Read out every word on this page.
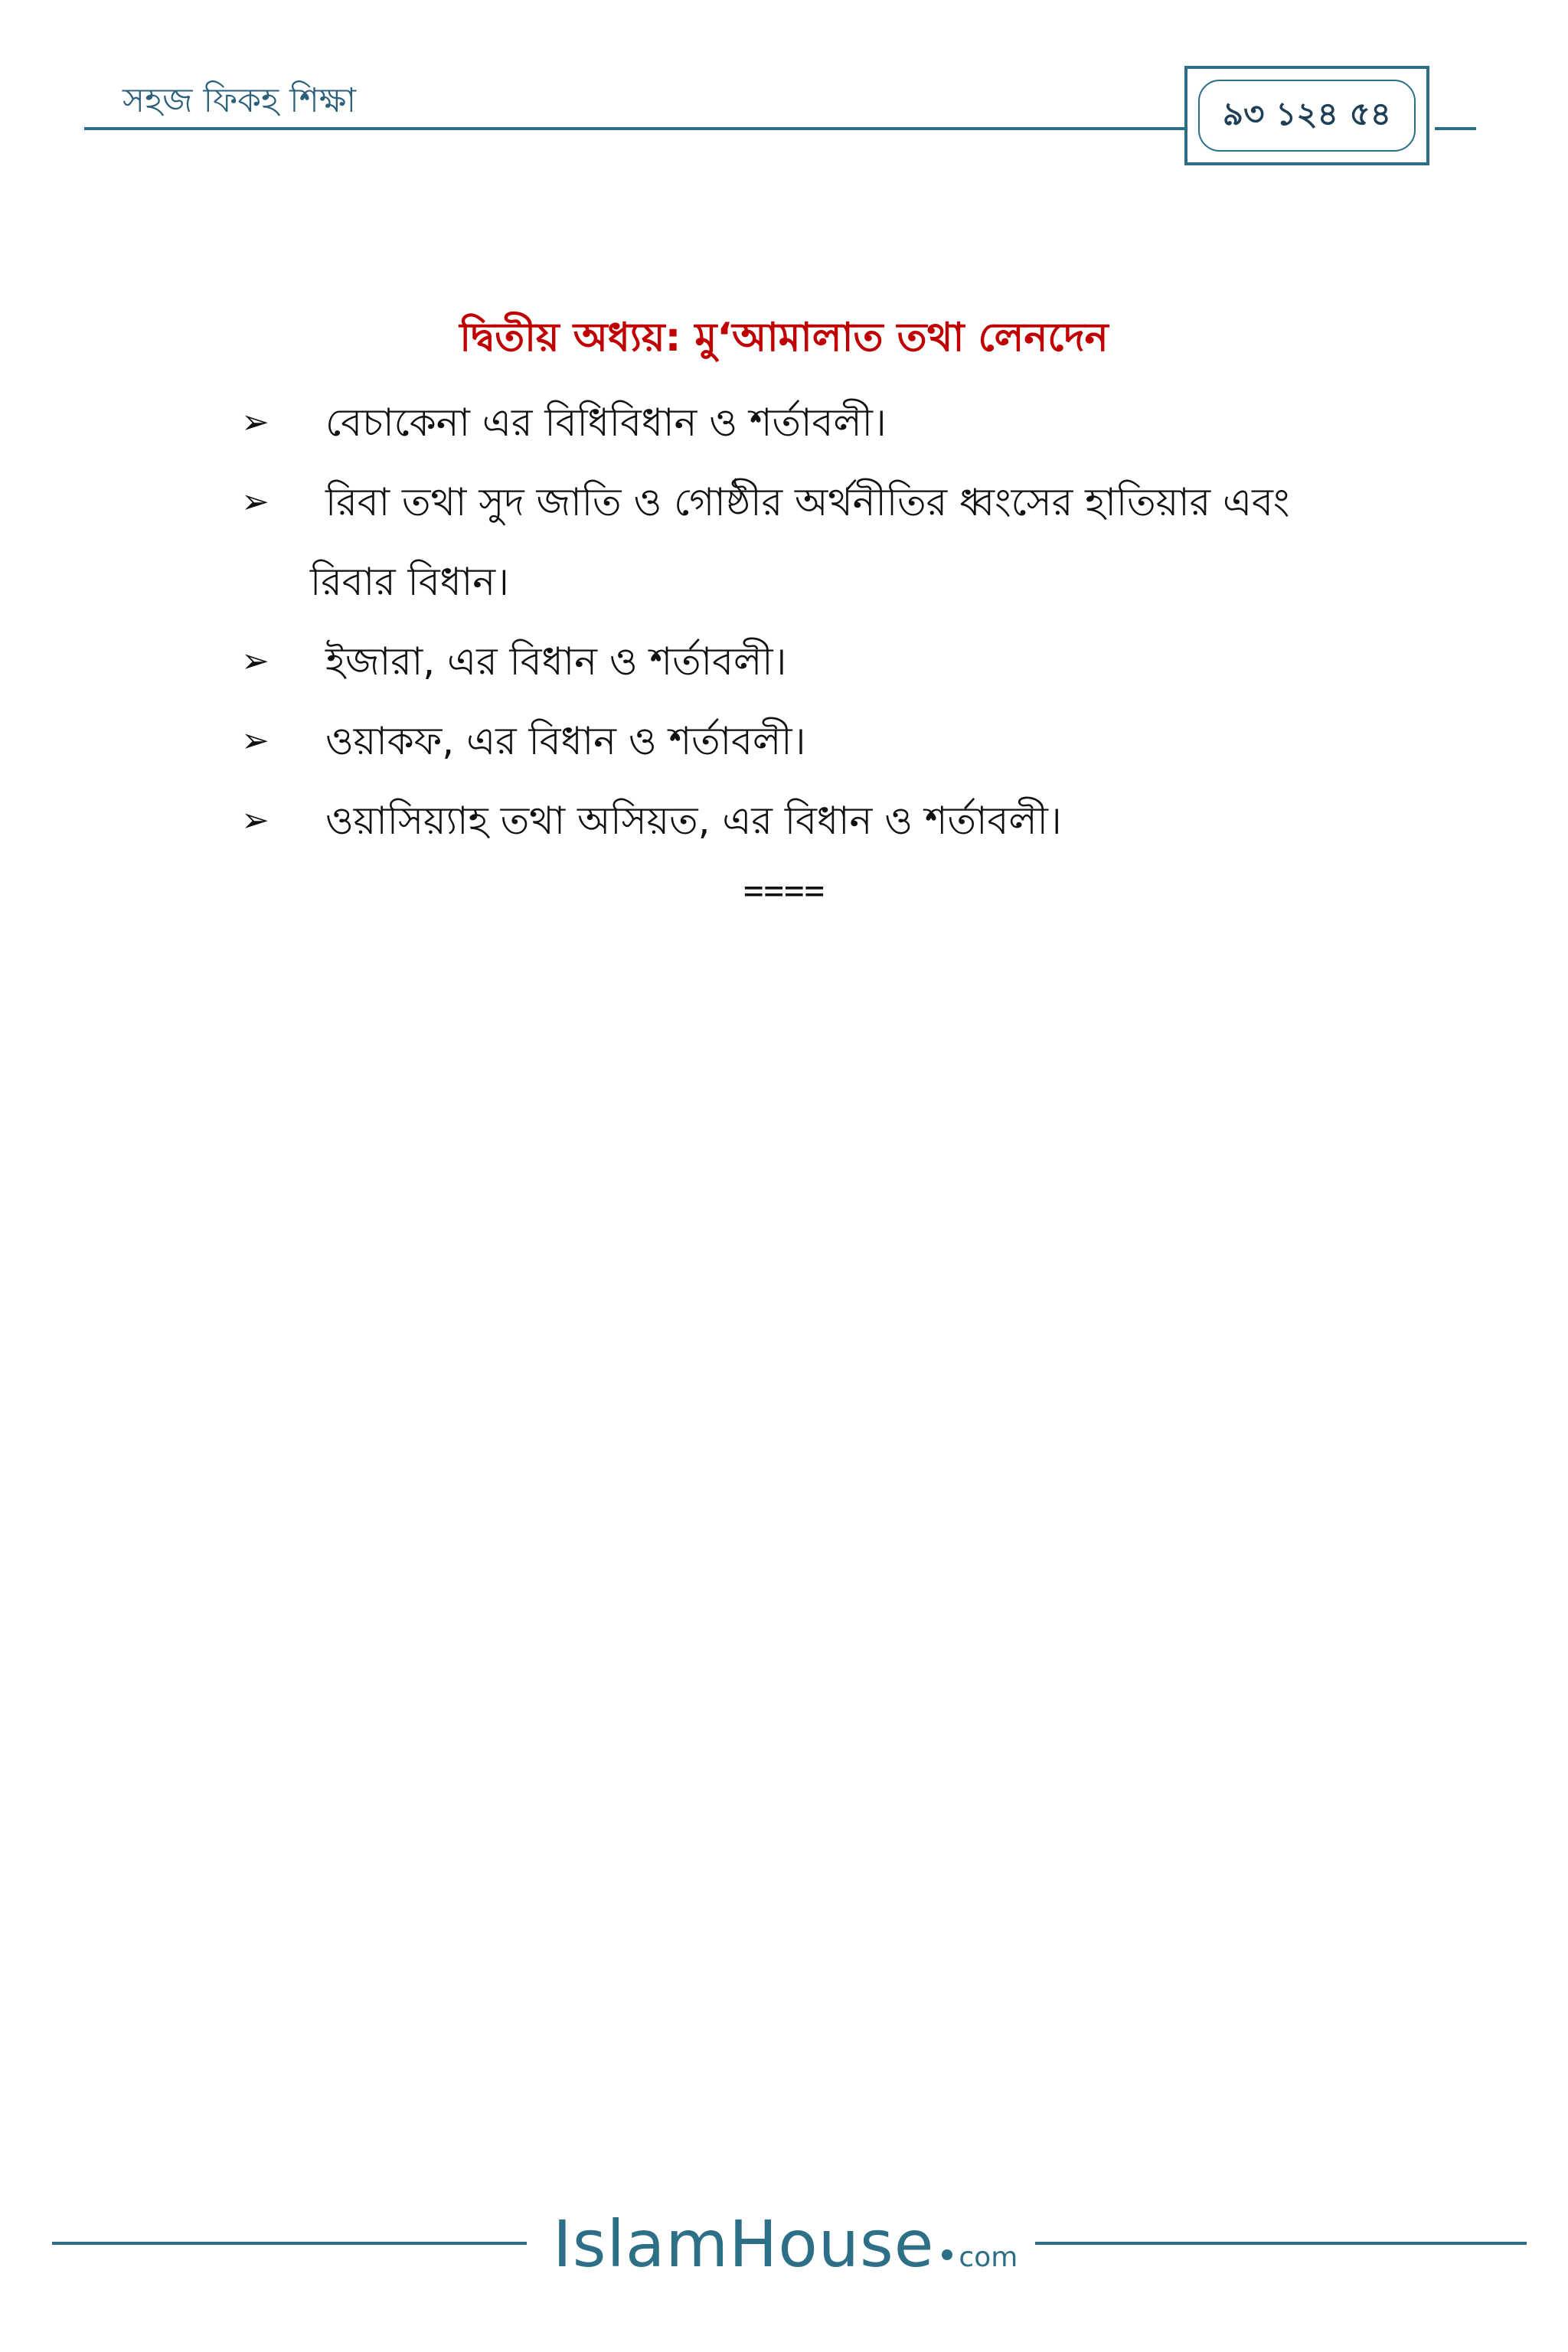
সহজ ফিকহ শিক্ষা	৯৩ ১২৪ ৫৪
দ্বিতীয় অধ্যয়: মু‘আমালাত তথা লেনদেন
➢ বেচাকেনা এর বিধিবিধান ও শর্তাবলী।
➢ রিবা তথা সুদ জাতি ও গোষ্ঠীর অর্থনীতির ধ্বংসের হাতিয়ার এবং
রিবার বিধান।
➢ ইজারা, এর বিধান ও শর্তাবলী।
➢ ওয়াকফ, এর বিধান ও শর্তাবলী।
➢ ওয়াসিয়্যাহ তথা অসিয়ত, এর বিধান ও শর্তাবলী।
====
IslamHouse com
